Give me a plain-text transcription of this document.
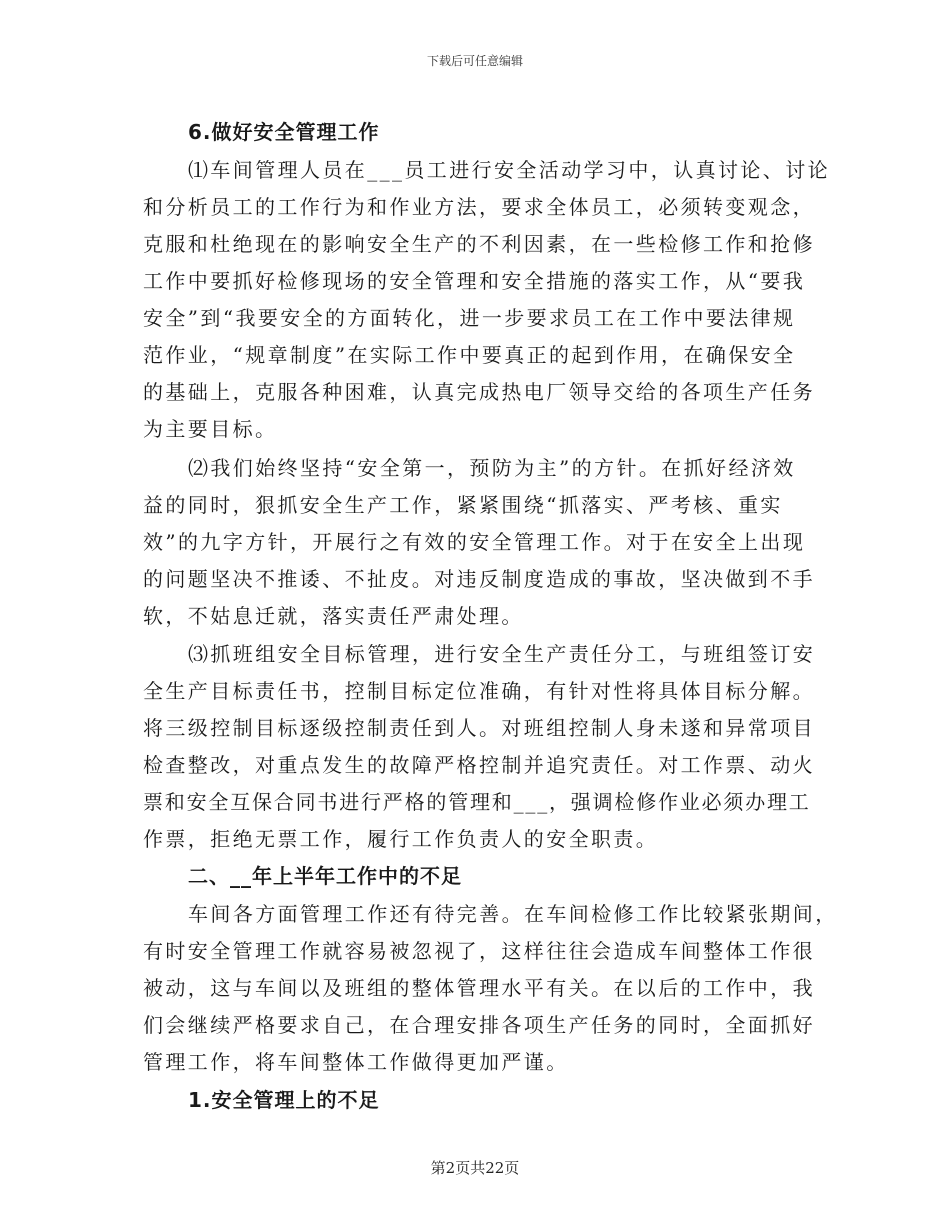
下载后可任意编辑
6.做好安全管理工作
⑴车间管理人员在___员工进行安全活动学习中，认真讨论、讨论
和分析员工的工作行为和作业方法，要求全体员工，必须转变观念，
克服和杜绝现在的影响安全生产的不利因素，在一些检修工作和抢修
工作中要抓好检修现场的安全管理和安全措施的落实工作，从“要我
安全”到“我要安全的方面转化，进一步要求员工在工作中要法律规
范作业，“规章制度”在实际工作中要真正的起到作用，在确保安全
的基础上，克服各种困难，认真完成热电厂领导交给的各项生产任务
为主要目标。
⑵我们始终坚持“安全第一，预防为主”的方针。在抓好经济效
益的同时，狠抓安全生产工作，紧紧围绕“抓落实、严考核、重实
效”的九字方针，开展行之有效的安全管理工作。对于在安全上出现
的问题坚决不推诿、不扯皮。对违反制度造成的事故，坚决做到不手
软，不姑息迁就，落实责任严肃处理。
⑶抓班组安全目标管理，进行安全生产责任分工，与班组签订安
全生产目标责任书，控制目标定位准确，有针对性将具体目标分解。
将三级控制目标逐级控制责任到人。对班组控制人身未遂和异常项目
检查整改，对重点发生的故障严格控制并追究责任。对工作票、动火
票和安全互保合同书进行严格的管理和___，强调检修作业必须办理工
作票，拒绝无票工作，履行工作负责人的安全职责。
二、__年上半年工作中的不足
车间各方面管理工作还有待完善。在车间检修工作比较紧张期间，
有时安全管理工作就容易被忽视了，这样往往会造成车间整体工作很
被动，这与车间以及班组的整体管理水平有关。在以后的工作中，我
们会继续严格要求自己，在合理安排各项生产任务的同时，全面抓好
管理工作，将车间整体工作做得更加严谨。
1.安全管理上的不足
第2页共22页
